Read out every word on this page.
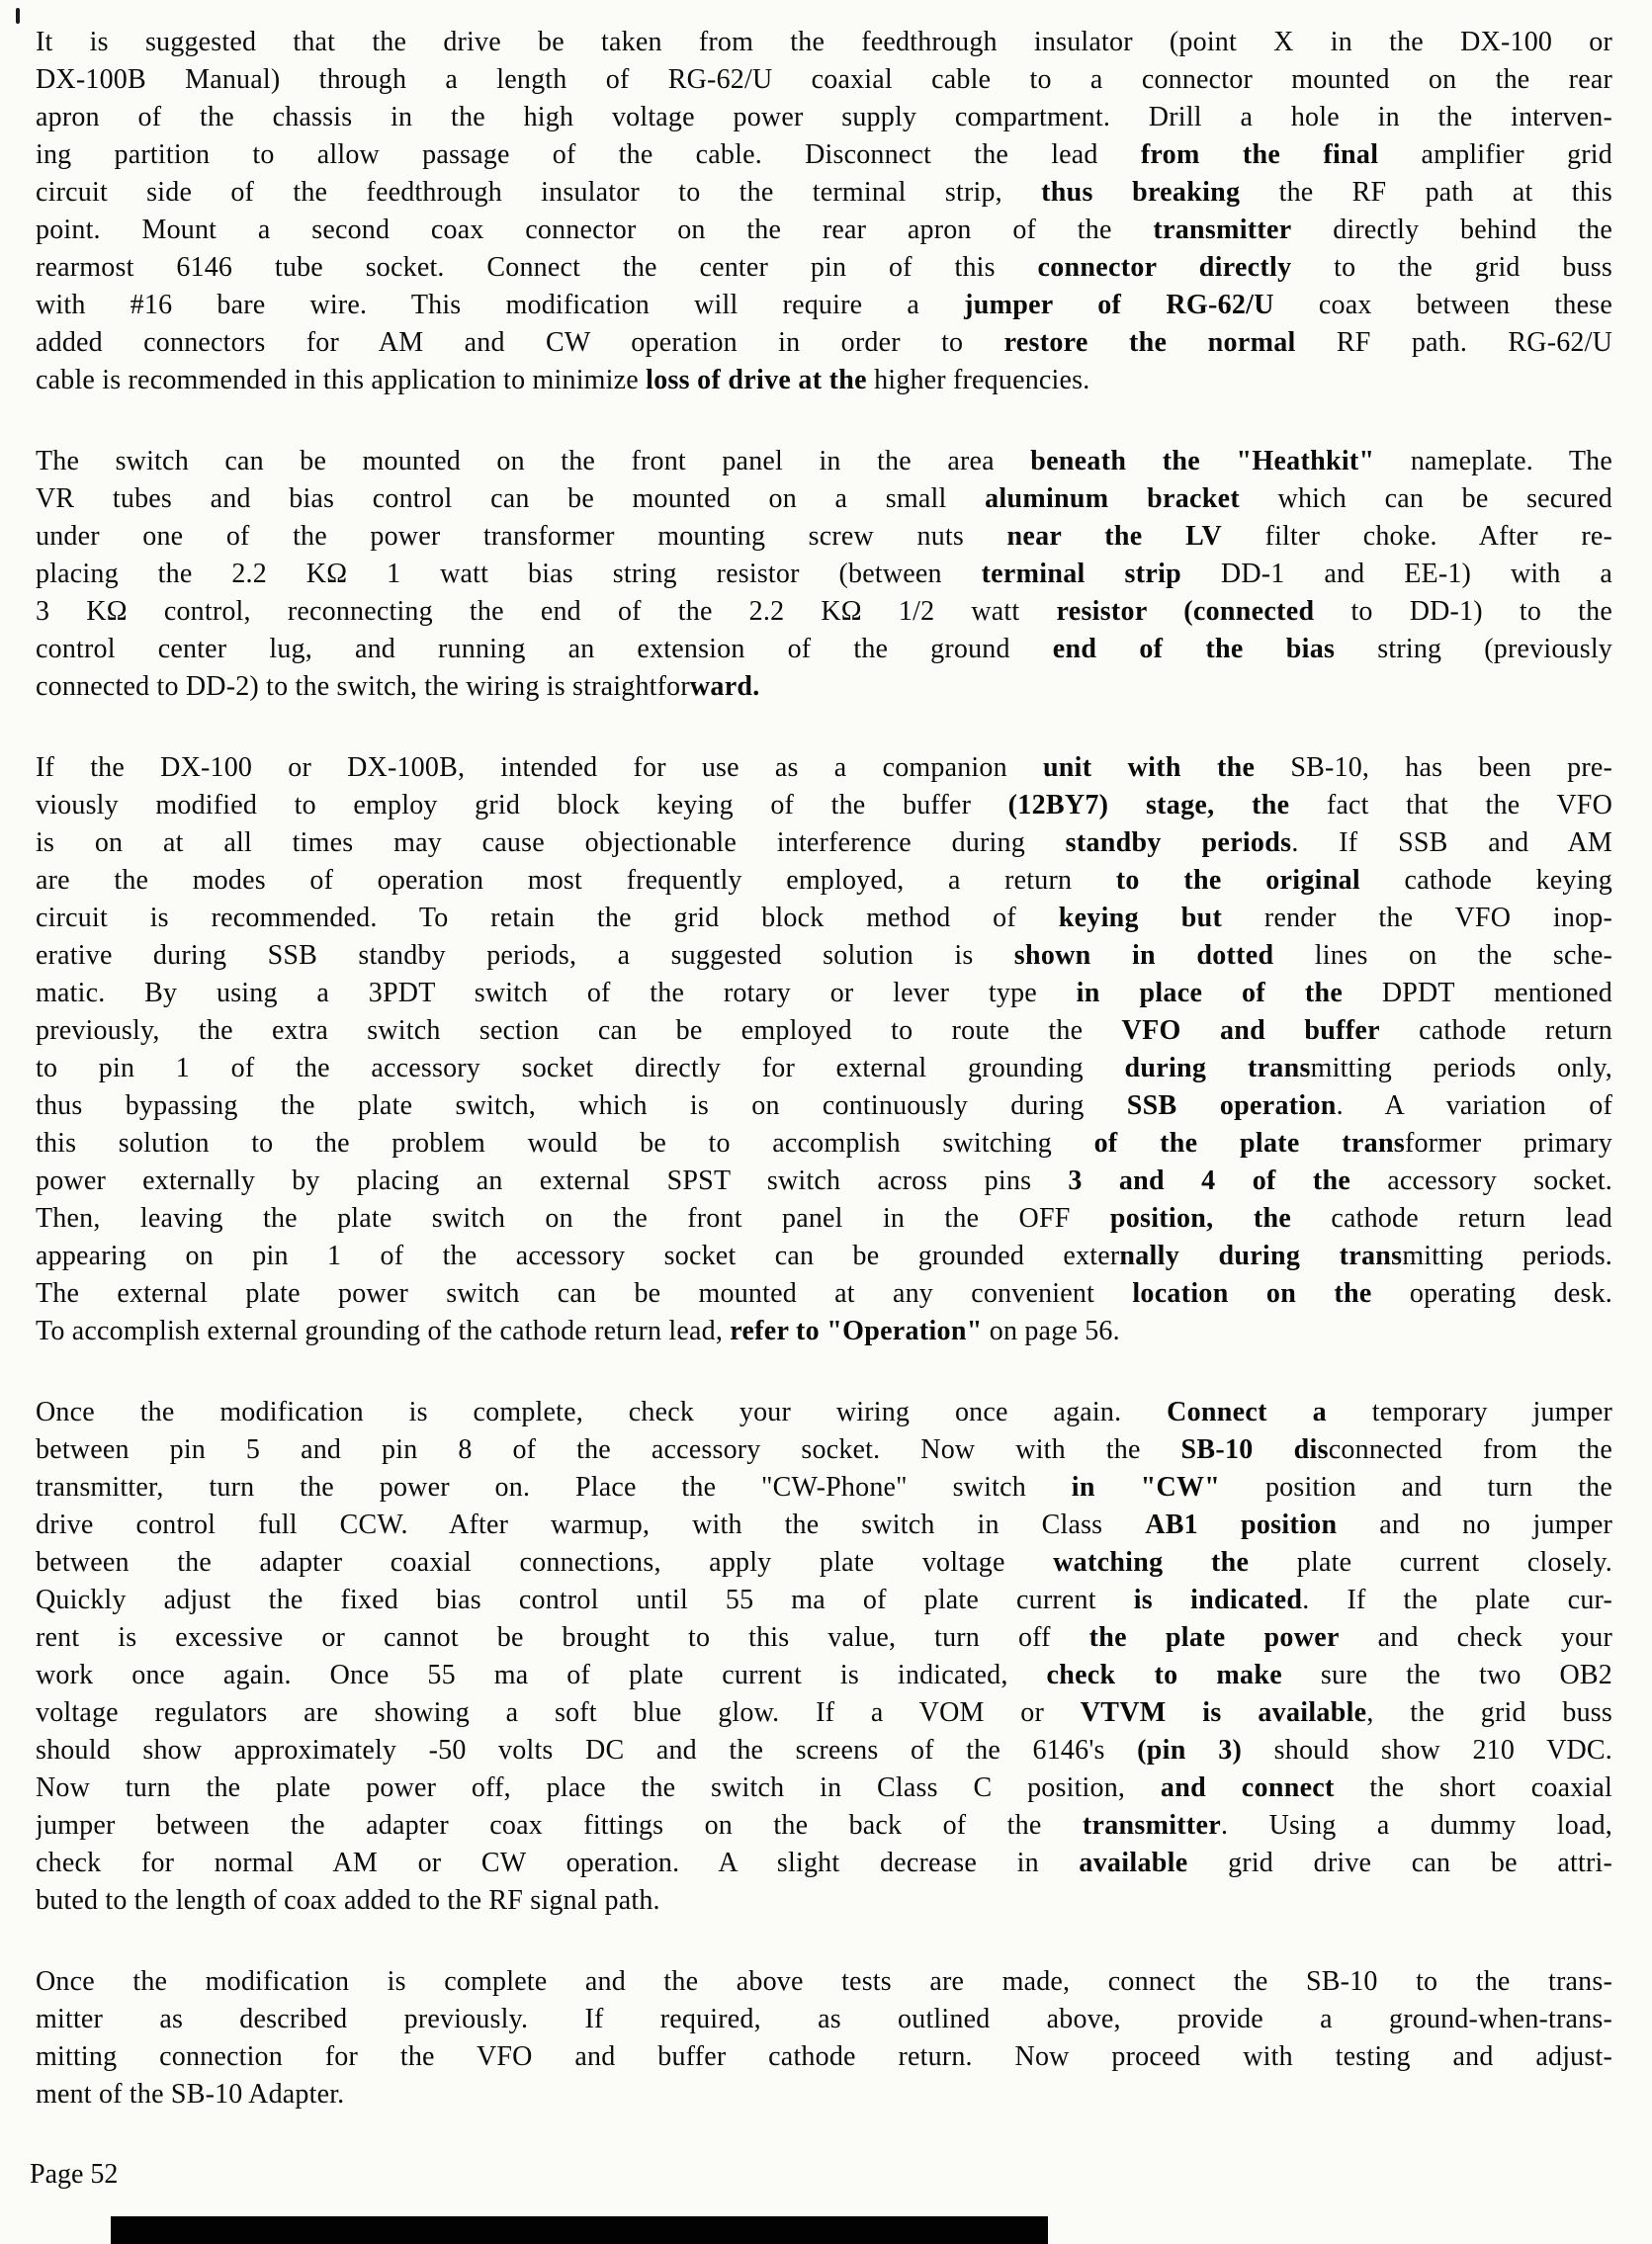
It is suggested that the drive be taken from the feedthrough insulator (point X in the DX-100 or
DX-100B Manual) through a length of RG-62/U coaxial cable to a connector mounted on the rear
apron of the chassis in the high voltage power supply compartment. Drill a hole in the interven-
ing partition to allow passage of the cable. Disconnect the lead from the final amplifier grid
circuit side of the feedthrough insulator to the terminal strip, thus breaking the RF path at this
point. Mount a second coax connector on the rear apron of the transmitter directly behind the
rearmost 6146 tube socket. Connect the center pin of this connector directly to the grid buss
with #16 bare wire. This modification will require a jumper of RG-62/U coax between these
added connectors for AM and CW operation in order to restore the normal RF path. RG-62/U
cable is recommended in this application to minimize loss of drive at the higher frequencies.
The switch can be mounted on the front panel in the area beneath the "Heathkit" nameplate. The
VR tubes and bias control can be mounted on a small aluminum bracket which can be secured
under one of the power transformer mounting screw nuts near the LV filter choke. After re-
placing the 2.2 KΩ 1 watt bias string resistor (between terminal strip DD-1 and EE-1) with a
3 KΩ control, reconnecting the end of the 2.2 KΩ 1/2 watt resistor (connected to DD-1) to the
control center lug, and running an extension of the ground end of the bias string (previously
connected to DD-2) to the switch, the wiring is straightforward.
If the DX-100 or DX-100B, intended for use as a companion unit with the SB-10, has been pre-
viously modified to employ grid block keying of the buffer (12BY7) stage, the fact that the VFO
is on at all times may cause objectionable interference during standby periods. If SSB and AM
are the modes of operation most frequently employed, a return to the original cathode keying
circuit is recommended. To retain the grid block method of keying but render the VFO inop-
erative during SSB standby periods, a suggested solution is shown in dotted lines on the sche-
matic. By using a 3PDT switch of the rotary or lever type in place of the DPDT mentioned
previously, the extra switch section can be employed to route the VFO and buffer cathode return
to pin 1 of the accessory socket directly for external grounding during transmitting periods only,
thus bypassing the plate switch, which is on continuously during SSB operation. A variation of
this solution to the problem would be to accomplish switching of the plate transformer primary
power externally by placing an external SPST switch across pins 3 and 4 of the accessory socket.
Then, leaving the plate switch on the front panel in the OFF position, the cathode return lead
appearing on pin 1 of the accessory socket can be grounded externally during transmitting periods.
The external plate power switch can be mounted at any convenient location on the operating desk.
To accomplish external grounding of the cathode return lead, refer to "Operation" on page 56.
Once the modification is complete, check your wiring once again. Connect a temporary jumper
between pin 5 and pin 8 of the accessory socket. Now with the SB-10 disconnected from the
transmitter, turn the power on. Place the "CW-Phone" switch in "CW" position and turn the
drive control full CCW. After warmup, with the switch in Class AB1 position and no jumper
between the adapter coaxial connections, apply plate voltage watching the plate current closely.
Quickly adjust the fixed bias control until 55 ma of plate current is indicated. If the plate cur-
rent is excessive or cannot be brought to this value, turn off the plate power and check your
work once again. Once 55 ma of plate current is indicated, check to make sure the two OB2
voltage regulators are showing a soft blue glow. If a VOM or VTVM is available, the grid buss
should show approximately -50 volts DC and the screens of the 6146's (pin 3) should show 210 VDC.
Now turn the plate power off, place the switch in Class C position, and connect the short coaxial
jumper between the adapter coax fittings on the back of the transmitter. Using a dummy load,
check for normal AM or CW operation. A slight decrease in available grid drive can be attri-
buted to the length of coax added to the RF signal path.
Once the modification is complete and the above tests are made, connect the SB-10 to the trans-
mitter as described previously. If required, as outlined above, provide a ground-when-trans-
mitting connection for the VFO and buffer cathode return. Now proceed with testing and adjust-
ment of the SB-10 Adapter.
Page 52
